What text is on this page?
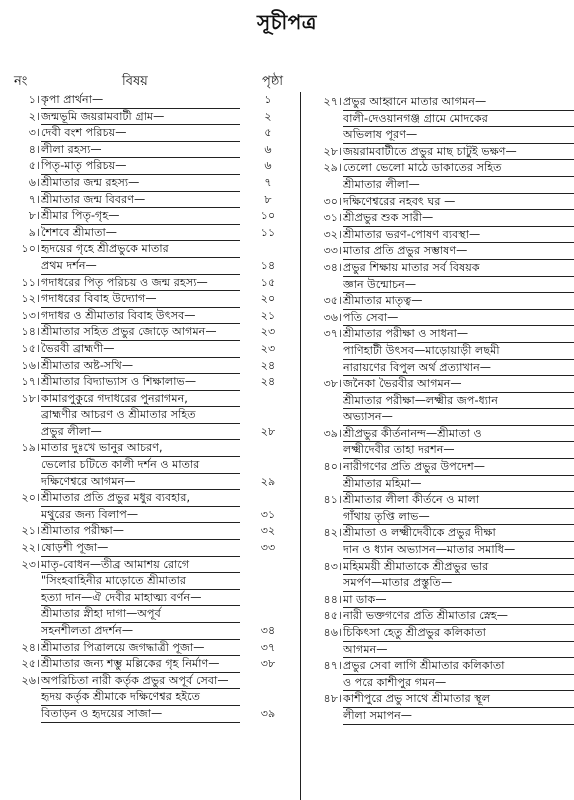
সূচীপত্র
নং	বিষয়	পৃষ্ঠা
১। কৃপা প্রার্থনা—	১
২। জন্মভূমি জয়রামবাটী গ্রাম—	২
৩। দেবী বংশ পরিচয়—	৫
৪। লীলা রহস্য—	৬
৫। পিতৃ-মাতৃ পরিচয়—	৬
৬। শ্রীমাতার জন্ম রহস্য—	৭
৭। শ্রীমাতার জন্ম বিবরণ—	৮
৮। শ্রীমার পিতৃ-গৃহ—	১০
৯। শৈশবে শ্রীমাতা—	১১
১০। হৃদয়ের গৃহে শ্রীপ্রভুকে মাতার
প্রথম দর্শন—	১৪
১১। গদাধরের পিতৃ পরিচয় ও জন্ম রহস্য—	১৫
১২। গদাধরের বিবাহ উদ্যোগ—	২০
১৩। গদাধর ও শ্রীমাতার বিবাহ উৎসব—	২১
১৪। শ্রীমাতার সহিত প্রভুর জোড়ে আগমন—	২৩
১৫। ভৈরবী ব্রাহ্মণী—	২৩
১৬। শ্রীমাতার অষ্ট-সখি—	২৪
১৭। শ্রীমাতার বিদ্যাভ্যাস ও শিক্ষালাভ—	২৪
১৮। কামারপুকুরে গদাধরের পুনরাগমন,
ব্রাহ্মণীর আচরণ ও শ্রীমাতার সহিত
প্রভুর লীলা—	২৮
১৯। মাতার দুঃখে ভানুর আচরণ,
ভেলোর চটিতে কালী দর্শন ও মাতার
দক্ষিণেশ্বরে আগমন—	২৯
২০। শ্রীমাতার প্রতি প্রভুর মধুর ব্যবহার,
মথুরের জন্য বিলাপ—	৩১
২১। শ্রীমাতার পরীক্ষা—	৩২
২২। ষোড়শী পূজা—	৩৩
২৩। মাতৃ-বোধন—তীব্র আমাশয় রোগে
"সিংহবাহিনীর মাড়োতে শ্রীমাতার
হত্যা দান—ঐ দেবীর মাহাত্ম্য বর্ণন—
শ্রীমাতার স্নীহা দাগা—অপূর্ব
সহনশীলতা প্রদর্শন—	৩৪
২৪। শ্রীমাতার পিত্রালয়ে জগদ্ধাত্রী পূজা—	৩৭
২৫। শ্রীমাতার জন্য শম্ভু মল্লিকের গৃহ নির্মাণ—	৩৮
২৬। অপরিচিতা নারী কর্তৃক প্রভুর অপূর্ব সেবা—
হৃদয় কর্তৃক শ্রীমাকে দক্ষিণেশ্বর হইতে
বিতাড়ন ও হৃদয়ের সাজা—	৩৯
২৭। প্রভুর আহ্বানে মাতার আগমন—
বালী-দেওয়ানগঞ্জ গ্রামে মোদকের
অভিলাষ পূরণ—
২৮। জয়রামবাটীতে প্রভুর মাছ চাটুই ভক্ষণ—
২৯। তেলো ভেলো মাঠে ডাকাতের সহিত
শ্রীমাতার লীলা—
৩০। দক্ষিণেশ্বরের নহবৎ ঘর —
৩১। শ্রীপ্রভুর শুক সারী—
৩২। শ্রীমাতার ভরণ-পোষণ ব্যবস্থা—
৩৩। মাতার প্রতি প্রভুর সম্ভাষণ—
৩৪। প্রভুর শিক্ষায় মাতার সর্ব বিষয়ক
জ্ঞান উন্মোচন—
৩৫। শ্রীমাতার মাতৃত্ব—
৩৬। পতি সেবা—
৩৭। শ্রীমাতার পরীক্ষা ও সাধনা—
পাণিহাটী উৎসব—মাড়োয়াড়ী লছমী
নারায়ণের বিপুল অর্থ প্রত্যাখান—
৩৮। জনৈকা ভৈরবীর আগমন—
শ্রীমাতার পরীক্ষা—লক্ষ্মীর জপ-ধ্যান
অভ্যাসন—
৩৯। শ্রীপ্রভুর কীর্তনানন্দ—শ্রীমাতা ও
লক্ষ্মীদেবীর তাহা দরশন—
৪০। নারীগণের প্রতি প্রভুর উপদেশ—
শ্রীমাতার মহিমা—
৪১। শ্রীমাতার লীলা কীর্তনে ও মালা
গাঁথায় তৃপ্তি লাভ—
৪২। শ্রীমাতা ও লক্ষ্মীদেবীকে প্রভুর দীক্ষা
দান ও ধ্যান অভ্যাসন—মাতার সমাধি—
৪৩। মহিমময়ী শ্রীমাতাকে শ্রীপ্রভুর ভার
সমর্পণ—মাতার প্রস্তুতি—
৪৪। মা ডাক—
৪৫। নারী ভক্তগণের প্রতি শ্রীমাতার স্নেহ—
৪৬। চিকিৎসা হেতু শ্রীপ্রভুর কলিকাতা
আগমন—
৪৭। প্রভুর সেবা লাগি শ্রীমাতার কলিকাতা
ও পরে কাশীপুর গমন—
৪৮। কাশীপুরে প্রভু সাথে শ্রীমাতার স্থূল
লীলা সমাপন—
